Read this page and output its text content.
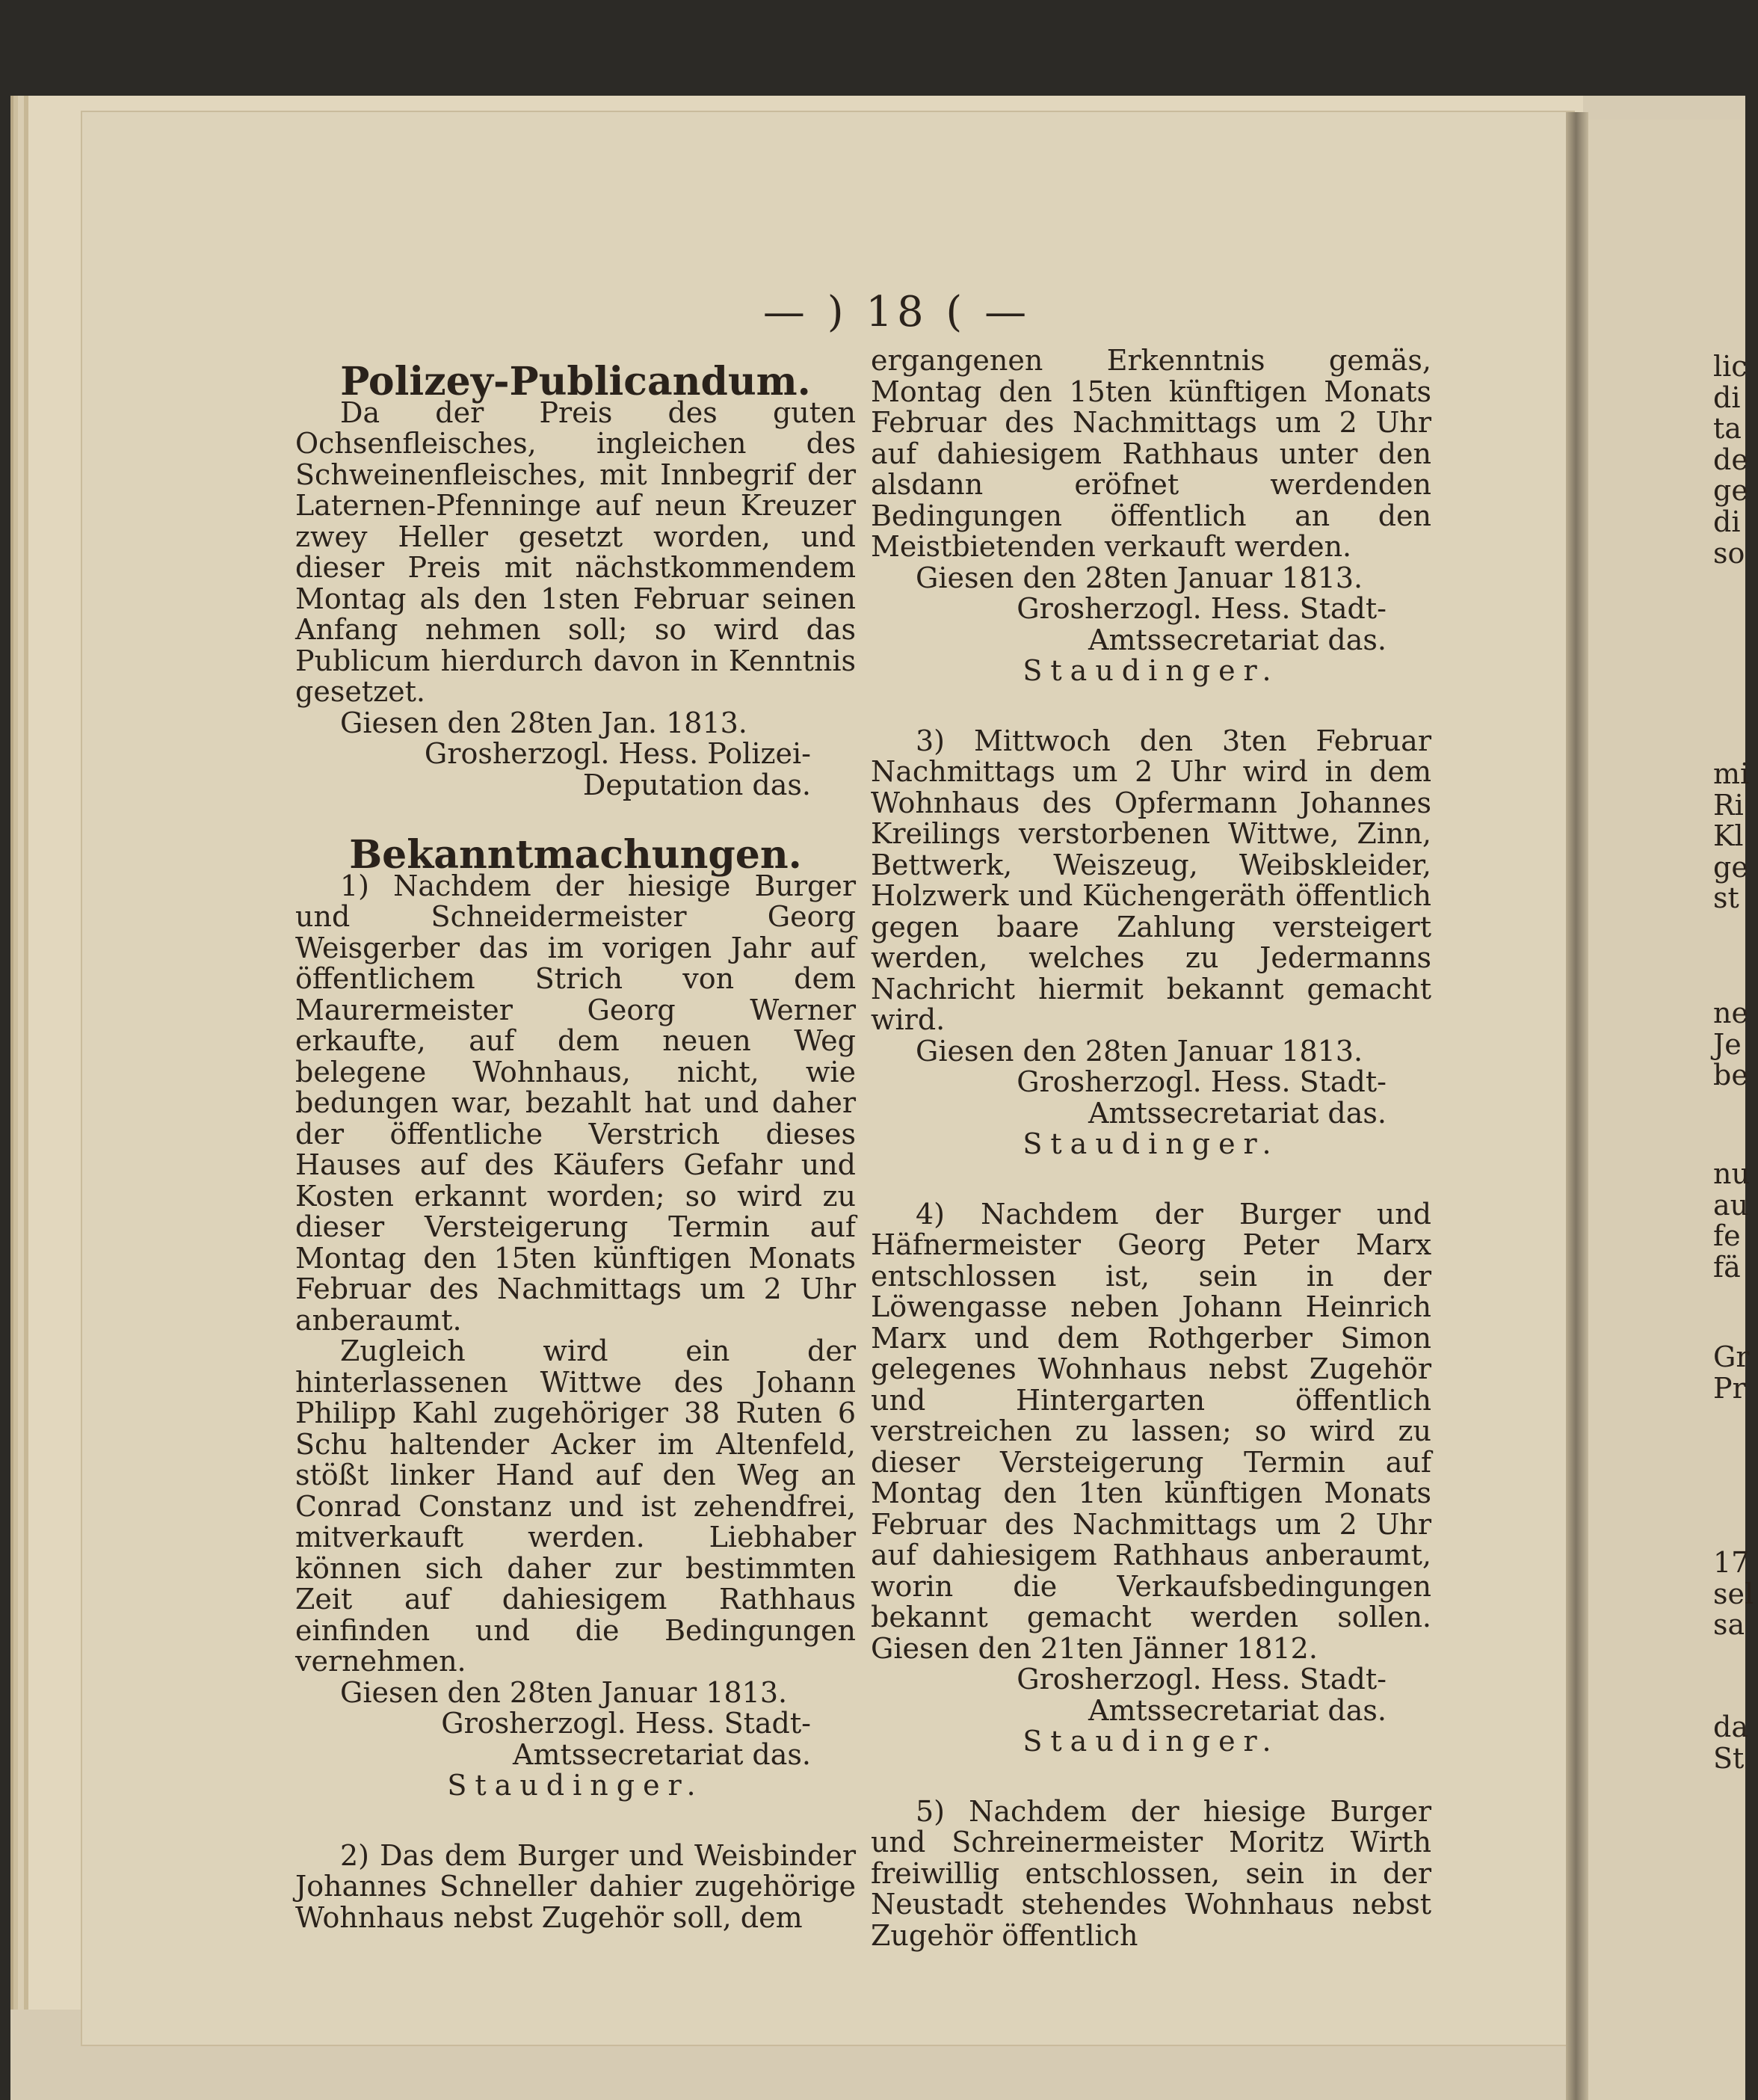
— ) 18 ( —

Polizey-Publicandum.

Da der Preis des guten Ochsenfleisches, ingleichen des Schweinenfleisches, mit Innbegrif der Laternen-Pfenninge auf neun Kreuzer zwey Heller gesetzt worden, und dieser Preis mit nächstkommendem Montag als den 1sten Februar seinen Anfang nehmen soll; so wird das Publicum hierdurch davon in Kenntnis gesetzet.

Giesen den 28ten Jan. 1813.

Grosherzogl. Hess. Polizei-Deputation das.

Bekanntmachungen.

1) Nachdem der hiesige Burger und Schneidermeister Georg Weisgerber das im vorigen Jahr auf öffentlichem Strich von dem Maurermeister Georg Werner erkaufte, auf dem neuen Weg belegene Wohnhaus, nicht, wie bedungen war, bezahlt hat und daher der öffentliche Verstrich dieses Hauses auf des Käufers Gefahr und Kosten erkannt worden; so wird zu dieser Versteigerung Termin auf Montag den 15ten künftigen Monats Februar des Nachmittags um 2 Uhr anberaumt.

Zugleich wird ein der hinterlassenen Wittwe des Johann Philipp Kahl zugehöriger 38 Ruten 6 Schu haltender Acker im Altenfeld, stößt linker Hand auf den Weg an Conrad Constanz und ist zehendfrei, mitverkauft werden. Liebhaber können sich daher zur bestimmten Zeit auf dahiesigem Rathhaus einfinden und die Bedingungen vernehmen.

Giesen den 28ten Januar 1813.

Grosherzogl. Hess. Stadt-Amtssecretariat das.

Staudinger.

2) Das dem Burger und Weisbinder Johannes Schneller dahier zugehörige Wohnhaus nebst Zugehör soll, dem

ergangenen Erkenntnis gemäs, Montag den 15ten künftigen Monats Februar des Nachmittags um 2 Uhr auf dahiesigem Rathhaus unter den alsdann eröfnet werdenden Bedingungen öffentlich an den Meistbietenden verkauft werden.

Giesen den 28ten Januar 1813.

Grosherzogl. Hess. Stadt-Amtssecretariat das.

Staudinger.

3) Mittwoch den 3ten Februar Nachmittags um 2 Uhr wird in dem Wohnhaus des Opfermann Johannes Kreilings verstorbenen Wittwe, Zinn, Bettwerk, Weiszeug, Weibskleider, Holzwerk und Küchengeräth öffentlich gegen baare Zahlung versteigert werden, welches zu Jedermanns Nachricht hiermit bekannt gemacht wird.

Giesen den 28ten Januar 1813.

Grosherzogl. Hess. Stadt-Amtssecretariat das.

Staudinger.

4) Nachdem der Burger und Häfnermeister Georg Peter Marx entschlossen ist, sein in der Löwengasse neben Johann Heinrich Marx und dem Rothgerber Simon gelegenes Wohnhaus nebst Zugehör und Hintergarten öffentlich verstreichen zu lassen; so wird zu dieser Versteigerung Termin auf Montag den 1ten künftigen Monats Februar des Nachmittags um 2 Uhr auf dahiesigem Rathhaus anberaumt, worin die Verkaufsbedingungen bekannt gemacht werden sollen. Giesen den 21ten Jänner 1812.

Grosherzogl. Hess. Stadt-Amtssecretariat das.

Staudinger.

5) Nachdem der hiesige Burger und Schreinermeister Moritz Wirth freiwillig entschlossen, sein in der Neustadt stehendes Wohnhaus nebst Zugehör öffentlich

lic
di
ta
de
ge
di
so
mi
Ri
Kl
ge
st
ne
Je
be
nu
au
fe
fä
Gr
Pr
17
sel
sa
da
St
